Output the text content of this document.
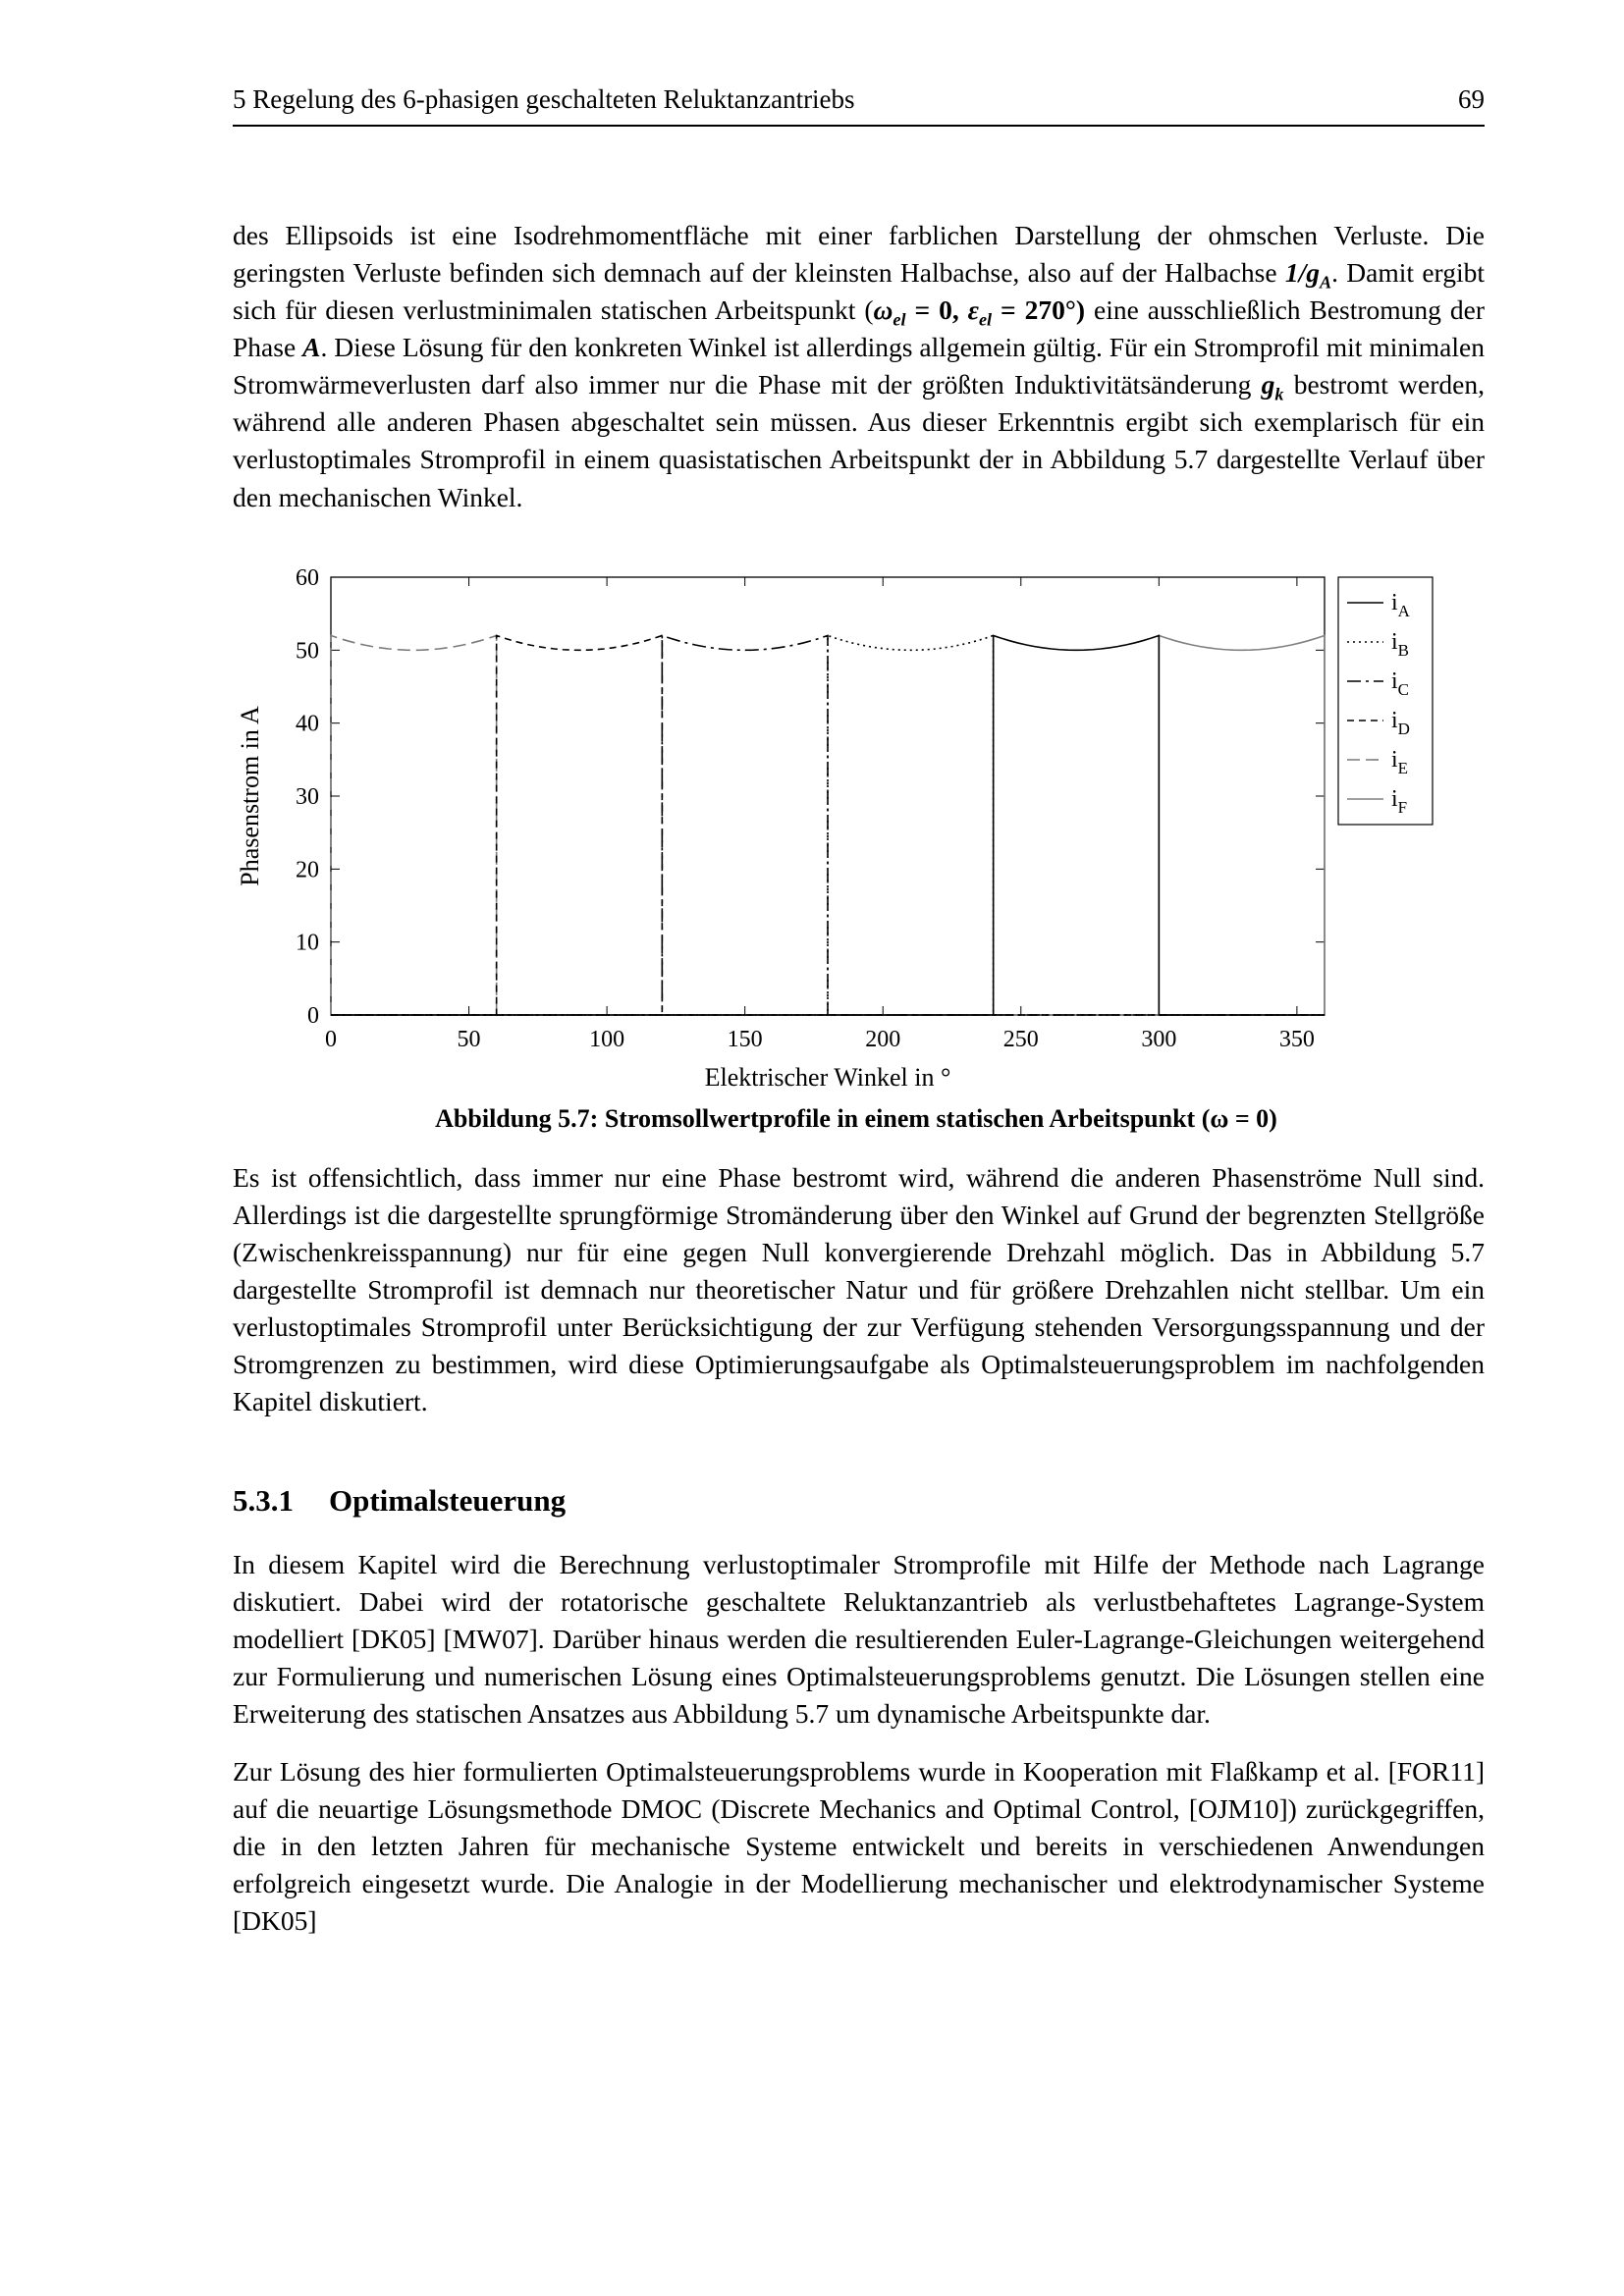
5 Regelung des 6-phasigen geschalteten Reluktanzantriebs	69

des Ellipsoids ist eine Isodrehmomentfläche mit einer farblichen Darstellung der ohmschen Verluste. Die geringsten Verluste befinden sich demnach auf der kleinsten Halbachse, also auf der Halbachse $1/g_A$. Damit ergibt sich für diesen verlustminimalen statischen Arbeitspunkt ($\omega_{el} = 0$, $\varepsilon_{el} = 270^\circ$) eine ausschließlich Bestromung der Phase A. Diese Lösung für den konkreten Winkel ist allerdings allgemein gültig. Für ein Stromprofil mit minimalen Stromwärmeverlusten darf also immer nur die Phase mit der größten Induktivitätsänderung $g_k$ bestromt werden, während alle anderen Phasen abgeschaltet sein müssen. Aus dieser Erkenntnis ergibt sich exemplarisch für ein verlustoptimales Stromprofil in einem quasistatischen Arbeitspunkt der in Abbildung 5.7 dargestellte Verlauf über den mechanischen Winkel.

0	50	100	150	200	250	300	350
0
10
20
30
40
50
60
Elektrischer Winkel in °
Phasenstrom in A
$i_A$
$i_B$
$i_C$
$i_D$
$i_E$
$i_F$
Abbildung 5.7: Stromsollwertprofile in einem statischen Arbeitspunkt (ω = 0)

Es ist offensichtlich, dass immer nur eine Phase bestromt wird, während die anderen Phasenströme Null sind. Allerdings ist die dargestellte sprungförmige Stromänderung über den Winkel auf Grund der begrenzten Stellgröße (Zwischenkreisspannung) nur für eine gegen Null konvergierende Drehzahl möglich. Das in Abbildung 5.7 dargestellte Stromprofil ist demnach nur theoretischer Natur und für größere Drehzahlen nicht stellbar. Um ein verlustoptimales Stromprofil unter Berücksichtigung der zur Verfügung stehenden Versorgungsspannung und der Stromgrenzen zu bestimmen, wird diese Optimierungsaufgabe als Optimalsteuerungsproblem im nachfolgenden Kapitel diskutiert.

5.3.1 Optimalsteuerung

In diesem Kapitel wird die Berechnung verlustoptimaler Stromprofile mit Hilfe der Methode nach Lagrange diskutiert. Dabei wird der rotatorische geschaltete Reluktanzantrieb als verlustbehaftetes Lagrange-System modelliert [DK05] [MW07]. Darüber hinaus werden die resultierenden Euler-Lagrange-Gleichungen weitergehend zur Formulierung und numerischen Lösung eines Optimalsteuerungsproblems genutzt. Die Lösungen stellen eine Erweiterung des statischen Ansatzes aus Abbildung 5.7 um dynamische Arbeitspunkte dar.

Zur Lösung des hier formulierten Optimalsteuerungsproblems wurde in Kooperation mit Flaßkamp et al. [FOR11] auf die neuartige Lösungsmethode DMOC (Discrete Mechanics and Optimal Control, [OJM10]) zurückgegriffen, die in den letzten Jahren für mechanische Systeme entwickelt und bereits in verschiedenen Anwendungen erfolgreich eingesetzt wurde. Die Analogie in der Modellierung mechanischer und elektrodynamischer Systeme [DK05]
